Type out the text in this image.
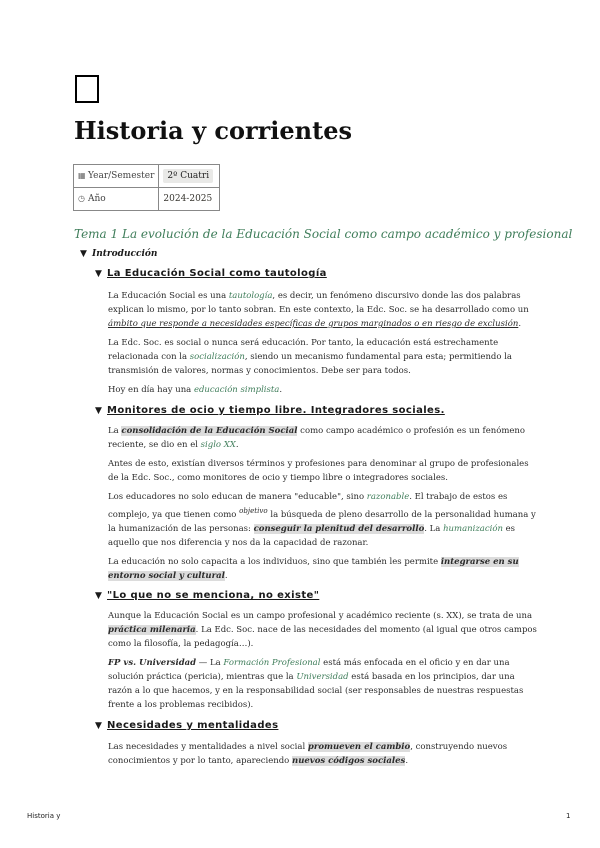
Historia y corrientes
▦ Year/Semester	2º Cuatri
◷ Año	2024-2025
Tema 1 La evolución de la Educación Social como campo académico y profesional
▼ Introducción
▼ La Educación Social como tautología

La Educación Social es una tautología, es decir, un fenómeno discursivo donde las dos palabras explican lo mismo, por lo tanto sobran. En este contexto, la Edc. Soc. se ha desarrollado como un ámbito que responde a necesidades específicas de grupos marginados o en riesgo de exclusión.

La Edc. Soc. es social o nunca será educación. Por tanto, la educación está estrechamente relacionada con la socialización, siendo un mecanismo fundamental para esta; permitiendo la transmisión de valores, normas y conocimientos. Debe ser para todos.

Hoy en día hay una educación simplista.

▼ Monitores de ocio y tiempo libre. Integradores sociales.

La consolidación de la Educación Social como campo académico o profesión es un fenómeno reciente, se dio en el siglo XX.

Antes de esto, existían diversos términos y profesiones para denominar al grupo de profesionales de la Edc. Soc., como monitores de ocio y tiempo libre o integradores sociales.

Los educadores no solo educan de manera "educable", sino razonable. El trabajo de estos es complejo, ya que tienen como $^{objetivo}$ la búsqueda de pleno desarrollo de la personalidad humana y la humanización de las personas: conseguir la plenitud del desarrollo. La humanización es aquello que nos diferencia y nos da la capacidad de razonar.

La educación no solo capacita a los individuos, sino que también les permite integrarse en su entorno social y cultural.

▼ "Lo que no se menciona, no existe"

Aunque la Educación Social es un campo profesional y académico reciente (s. XX), se trata de una práctica milenaria. La Edc. Soc. nace de las necesidades del momento (al igual que otros campos como la filosofía, la pedagogía…).

FP vs. Universidad — La Formación Profesional está más enfocada en el oficio y en dar una solución práctica (pericia), mientras que la Universidad está basada en los principios, dar una razón a lo que hacemos, y en la responsabilidad social (ser responsables de nuestras respuestas frente a los problemas recibidos).

▼ Necesidades y mentalidades

Las necesidades y mentalidades a nivel social promueven el cambio, construyendo nuevos conocimientos y por lo tanto, apareciendo nuevos códigos sociales.

Historia y	1
